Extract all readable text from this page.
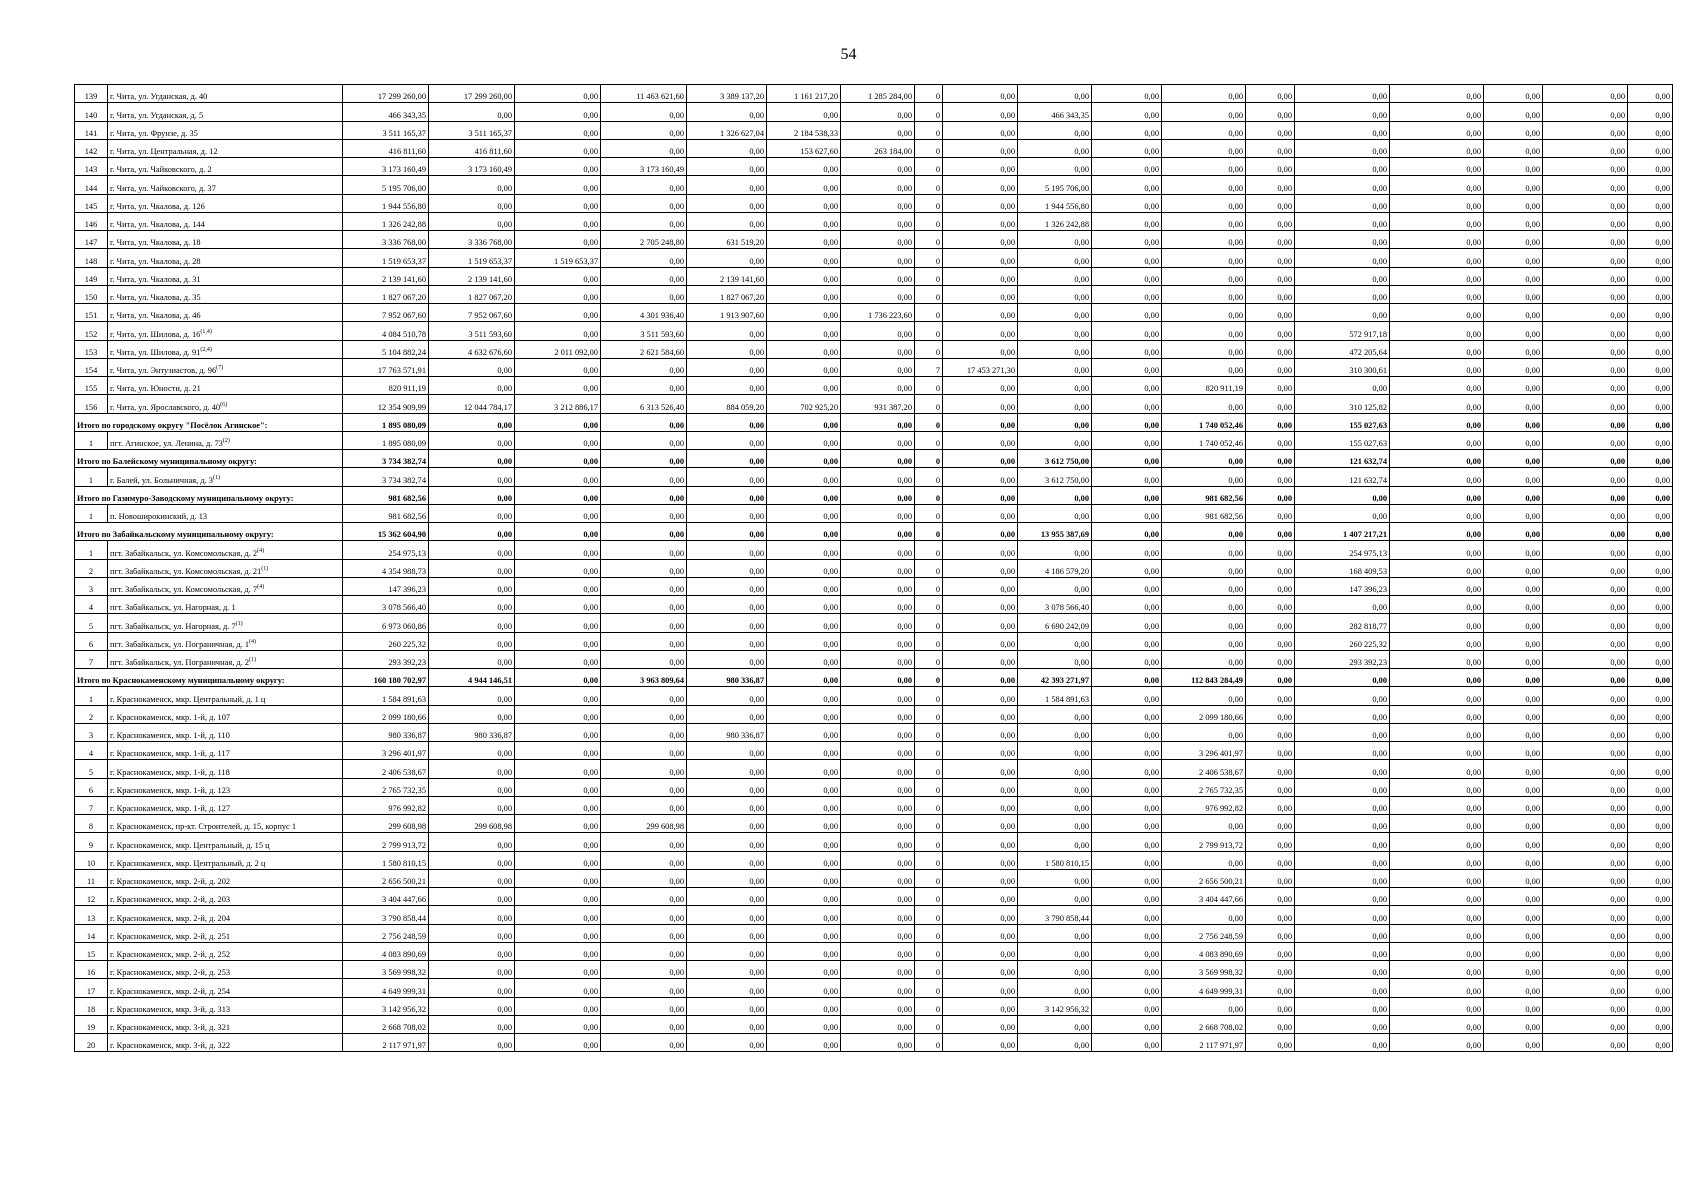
54
139	г. Чита, ул. Угданская, д. 40	17 299 260,00	17 299 260,00	0,00	11 463 621,60	3 389 137,20	1 161 217,20	1 285 284,00	0	0,00	0,00	0,00	0,00	0,00	0,00	0,00	0,00	0,00	0,00
140	г. Чита, ул. Угданская, д. 5	466 343,35	0,00	0,00	0,00	0,00	0,00	0,00	0	0,00	466 343,35	0,00	0,00	0,00	0,00	0,00	0,00	0,00	0,00
141	г. Чита, ул. Фрунзе, д. 35	3 511 165,37	3 511 165,37	0,00	0,00	1 326 627,04	2 184 538,33	0,00	0	0,00	0,00	0,00	0,00	0,00	0,00	0,00	0,00	0,00	0,00
142	г. Чита, ул. Центральная, д. 12	416 811,60	416 811,60	0,00	0,00	0,00	153 627,60	263 184,00	0	0,00	0,00	0,00	0,00	0,00	0,00	0,00	0,00	0,00	0,00
143	г. Чита, ул. Чайковского, д. 2	3 173 160,49	3 173 160,49	0,00	3 173 160,49	0,00	0,00	0,00	0	0,00	0,00	0,00	0,00	0,00	0,00	0,00	0,00	0,00	0,00
144	г. Чита, ул. Чайковского, д. 37	5 195 706,00	0,00	0,00	0,00	0,00	0,00	0,00	0	0,00	5 195 706,00	0,00	0,00	0,00	0,00	0,00	0,00	0,00	0,00
145	г. Чита, ул. Чкалова, д. 126	1 944 556,80	0,00	0,00	0,00	0,00	0,00	0,00	0	0,00	1 944 556,80	0,00	0,00	0,00	0,00	0,00	0,00	0,00	0,00
146	г. Чита, ул. Чкалова, д. 144	1 326 242,88	0,00	0,00	0,00	0,00	0,00	0,00	0	0,00	1 326 242,88	0,00	0,00	0,00	0,00	0,00	0,00	0,00	0,00
147	г. Чита, ул. Чкалова, д. 18	3 336 768,00	3 336 768,00	0,00	2 705 248,80	631 519,20	0,00	0,00	0	0,00	0,00	0,00	0,00	0,00	0,00	0,00	0,00	0,00	0,00
148	г. Чита, ул. Чкалова, д. 28	1 519 653,37	1 519 653,37	1 519 653,37	0,00	0,00	0,00	0,00	0	0,00	0,00	0,00	0,00	0,00	0,00	0,00	0,00	0,00	0,00
149	г. Чита, ул. Чкалова, д. 31	2 139 141,60	2 139 141,60	0,00	0,00	2 139 141,60	0,00	0,00	0	0,00	0,00	0,00	0,00	0,00	0,00	0,00	0,00	0,00	0,00
150	г. Чита, ул. Чкалова, д. 35	1 827 067,20	1 827 067,20	0,00	0,00	1 827 067,20	0,00	0,00	0	0,00	0,00	0,00	0,00	0,00	0,00	0,00	0,00	0,00	0,00
151	г. Чита, ул. Чкалова, д. 46	7 952 067,60	7 952 067,60	0,00	4 301 936,40	1 913 907,60	0,00	1 736 223,60	0	0,00	0,00	0,00	0,00	0,00	0,00	0,00	0,00	0,00	0,00
152	г. Чита, ул. Шилова, д. 16$^{(1,4)}$	4 084 510,78	3 511 593,60	0,00	3 511 593,60	0,00	0,00	0,00	0	0,00	0,00	0,00	0,00	0,00	572 917,18	0,00	0,00	0,00	0,00
153	г. Чита, ул. Шилова, д. 91$^{(2,4)}$	5 104 882,24	4 632 676,60	2 011 092,00	2 621 584,60	0,00	0,00	0,00	0	0,00	0,00	0,00	0,00	0,00	472 205,64	0,00	0,00	0,00	0,00
154	г. Чита, ул. Энтузиастов, д. 96$^{(7)}$	17 763 571,91	0,00	0,00	0,00	0,00	0,00	0,00	7	17 453 271,30	0,00	0,00	0,00	0,00	310 300,61	0,00	0,00	0,00	0,00
155	г. Чита, ул. Юности, д. 21	820 911,19	0,00	0,00	0,00	0,00	0,00	0,00	0	0,00	0,00	0,00	820 911,19	0,00	0,00	0,00	0,00	0,00	0,00
156	г. Чита, ул. Ярославского, д. 40$^{(6)}$	12 354 909,99	12 044 784,17	3 212 886,17	6 313 526,40	884 059,20	702 925,20	931 387,20	0	0,00	0,00	0,00	0,00	0,00	310 125,82	0,00	0,00	0,00	0,00
Итого по городскому округу "Посёлок Агинское":		1 895 080,09	0,00	0,00	0,00	0,00	0,00	0,00	0	0,00	0,00	0,00	1 740 052,46	0,00	155 027,63	0,00	0,00	0,00	0,00
1	пгт. Агинское, ул. Ленина, д. 73$^{(2)}$	1 895 080,09	0,00	0,00	0,00	0,00	0,00	0,00	0	0,00	0,00	0,00	1 740 052,46	0,00	155 027,63	0,00	0,00	0,00	0,00
Итого по Балейскому муниципальному округу:		3 734 382,74	0,00	0,00	0,00	0,00	0,00	0,00	0	0,00	3 612 750,00	0,00	0,00	0,00	121 632,74	0,00	0,00	0,00	0,00
1	г. Балей, ул. Больничная, д. 3$^{(1)}$	3 734 382,74	0,00	0,00	0,00	0,00	0,00	0,00	0	0,00	3 612 750,00	0,00	0,00	0,00	121 632,74	0,00	0,00	0,00	0,00
Итого по Газимуро-Заводскому муниципальному округу:		981 682,56	0,00	0,00	0,00	0,00	0,00	0,00	0	0,00	0,00	0,00	981 682,56	0,00	0,00	0,00	0,00	0,00	0,00
1	п. Новоширокинский, д. 13	981 682,56	0,00	0,00	0,00	0,00	0,00	0,00	0	0,00	0,00	0,00	981 682,56	0,00	0,00	0,00	0,00	0,00	0,00
Итого по Забайкальскому муниципальному округу:		15 362 604,90	0,00	0,00	0,00	0,00	0,00	0,00	0	0,00	13 955 387,69	0,00	0,00	0,00	1 407 217,21	0,00	0,00	0,00	0,00
1	пгт. Забайкальск, ул. Комсомольская, д. 2$^{(4)}$	254 975,13	0,00	0,00	0,00	0,00	0,00	0,00	0	0,00	0,00	0,00	0,00	0,00	254 975,13	0,00	0,00	0,00	0,00
2	пгт. Забайкальск, ул. Комсомольская, д. 21$^{(1)}$	4 354 988,73	0,00	0,00	0,00	0,00	0,00	0,00	0	0,00	4 186 579,20	0,00	0,00	0,00	168 409,53	0,00	0,00	0,00	0,00
3	пгт. Забайкальск, ул. Комсомольская, д. 7$^{(4)}$	147 396,23	0,00	0,00	0,00	0,00	0,00	0,00	0	0,00	0,00	0,00	0,00	0,00	147 396,23	0,00	0,00	0,00	0,00
4	пгт. Забайкальск, ул. Нагорная, д. 1	3 078 566,40	0,00	0,00	0,00	0,00	0,00	0,00	0	0,00	3 078 566,40	0,00	0,00	0,00	0,00	0,00	0,00	0,00	0,00
5	пгт. Забайкальск, ул. Нагорная, д. 7$^{(1)}$	6 973 060,86	0,00	0,00	0,00	0,00	0,00	0,00	0	0,00	6 690 242,09	0,00	0,00	0,00	282 818,77	0,00	0,00	0,00	0,00
6	пгт. Забайкальск, ул. Пограничная, д. 1$^{(4)}$	260 225,32	0,00	0,00	0,00	0,00	0,00	0,00	0	0,00	0,00	0,00	0,00	0,00	260 225,32	0,00	0,00	0,00	0,00
7	пгт. Забайкальск, ул. Пограничная, д. 2$^{(1)}$	293 392,23	0,00	0,00	0,00	0,00	0,00	0,00	0	0,00	0,00	0,00	0,00	0,00	293 392,23	0,00	0,00	0,00	0,00
Итого по Краснокаменскому муниципальному округу:		160 180 702,97	4 944 146,51	0,00	3 963 809,64	980 336,87	0,00	0,00	0	0,00	42 393 271,97	0,00	112 843 284,49	0,00	0,00	0,00	0,00	0,00	0,00
1	г. Краснокаменск, мкр. Центральный, д. 1 ц	1 584 891,63	0,00	0,00	0,00	0,00	0,00	0,00	0	0,00	1 584 891,63	0,00	0,00	0,00	0,00	0,00	0,00	0,00	0,00
2	г. Краснокаменск, мкр. 1-й, д. 107	2 099 180,66	0,00	0,00	0,00	0,00	0,00	0,00	0	0,00	0,00	0,00	2 099 180,66	0,00	0,00	0,00	0,00	0,00	0,00
3	г. Краснокаменск, мкр. 1-й, д. 110	980 336,87	980 336,87	0,00	0,00	980 336,87	0,00	0,00	0	0,00	0,00	0,00	0,00	0,00	0,00	0,00	0,00	0,00	0,00
4	г. Краснокаменск, мкр. 1-й, д. 117	3 296 401,97	0,00	0,00	0,00	0,00	0,00	0,00	0	0,00	0,00	0,00	3 296 401,97	0,00	0,00	0,00	0,00	0,00	0,00
5	г. Краснокаменск, мкр. 1-й, д. 118	2 406 538,67	0,00	0,00	0,00	0,00	0,00	0,00	0	0,00	0,00	0,00	2 406 538,67	0,00	0,00	0,00	0,00	0,00	0,00
6	г. Краснокаменск, мкр. 1-й, д. 123	2 765 732,35	0,00	0,00	0,00	0,00	0,00	0,00	0	0,00	0,00	0,00	2 765 732,35	0,00	0,00	0,00	0,00	0,00	0,00
7	г. Краснокаменск, мкр. 1-й, д. 127	976 992,82	0,00	0,00	0,00	0,00	0,00	0,00	0	0,00	0,00	0,00	976 992,82	0,00	0,00	0,00	0,00	0,00	0,00
8	г. Краснокаменск, пр-кт. Строителей, д. 15, корпус 1	299 608,98	299 608,98	0,00	299 608,98	0,00	0,00	0,00	0	0,00	0,00	0,00	0,00	0,00	0,00	0,00	0,00	0,00	0,00
9	г. Краснокаменск, мкр. Центральный, д. 15 ц	2 799 913,72	0,00	0,00	0,00	0,00	0,00	0,00	0	0,00	0,00	0,00	2 799 913,72	0,00	0,00	0,00	0,00	0,00	0,00
10	г. Краснокаменск, мкр. Центральный, д. 2 ц	1 580 810,15	0,00	0,00	0,00	0,00	0,00	0,00	0	0,00	1 580 810,15	0,00	0,00	0,00	0,00	0,00	0,00	0,00	0,00
11	г. Краснокаменск, мкр. 2-й, д. 202	2 656 500,21	0,00	0,00	0,00	0,00	0,00	0,00	0	0,00	0,00	0,00	2 656 500,21	0,00	0,00	0,00	0,00	0,00	0,00
12	г. Краснокаменск, мкр. 2-й, д. 203	3 404 447,66	0,00	0,00	0,00	0,00	0,00	0,00	0	0,00	0,00	0,00	3 404 447,66	0,00	0,00	0,00	0,00	0,00	0,00
13	г. Краснокаменск, мкр. 2-й, д. 204	3 790 858,44	0,00	0,00	0,00	0,00	0,00	0,00	0	0,00	3 790 858,44	0,00	0,00	0,00	0,00	0,00	0,00	0,00	0,00
14	г. Краснокаменск, мкр. 2-й, д. 251	2 756 248,59	0,00	0,00	0,00	0,00	0,00	0,00	0	0,00	0,00	0,00	2 756 248,59	0,00	0,00	0,00	0,00	0,00	0,00
15	г. Краснокаменск, мкр. 2-й, д. 252	4 083 890,69	0,00	0,00	0,00	0,00	0,00	0,00	0	0,00	0,00	0,00	4 083 890,69	0,00	0,00	0,00	0,00	0,00	0,00
16	г. Краснокаменск, мкр. 2-й, д. 253	3 569 998,32	0,00	0,00	0,00	0,00	0,00	0,00	0	0,00	0,00	0,00	3 569 998,32	0,00	0,00	0,00	0,00	0,00	0,00
17	г. Краснокаменск, мкр. 2-й, д. 254	4 649 999,31	0,00	0,00	0,00	0,00	0,00	0,00	0	0,00	0,00	0,00	4 649 999,31	0,00	0,00	0,00	0,00	0,00	0,00
18	г. Краснокаменск, мкр. 3-й, д. 313	3 142 956,32	0,00	0,00	0,00	0,00	0,00	0,00	0	0,00	3 142 956,32	0,00	0,00	0,00	0,00	0,00	0,00	0,00	0,00
19	г. Краснокаменск, мкр. 3-й, д. 321	2 668 708,02	0,00	0,00	0,00	0,00	0,00	0,00	0	0,00	0,00	0,00	2 668 708,02	0,00	0,00	0,00	0,00	0,00	0,00
20	г. Краснокаменск, мкр. 3-й, д. 322	2 117 971,97	0,00	0,00	0,00	0,00	0,00	0,00	0	0,00	0,00	0,00	2 117 971,97	0,00	0,00	0,00	0,00	0,00	0,00
